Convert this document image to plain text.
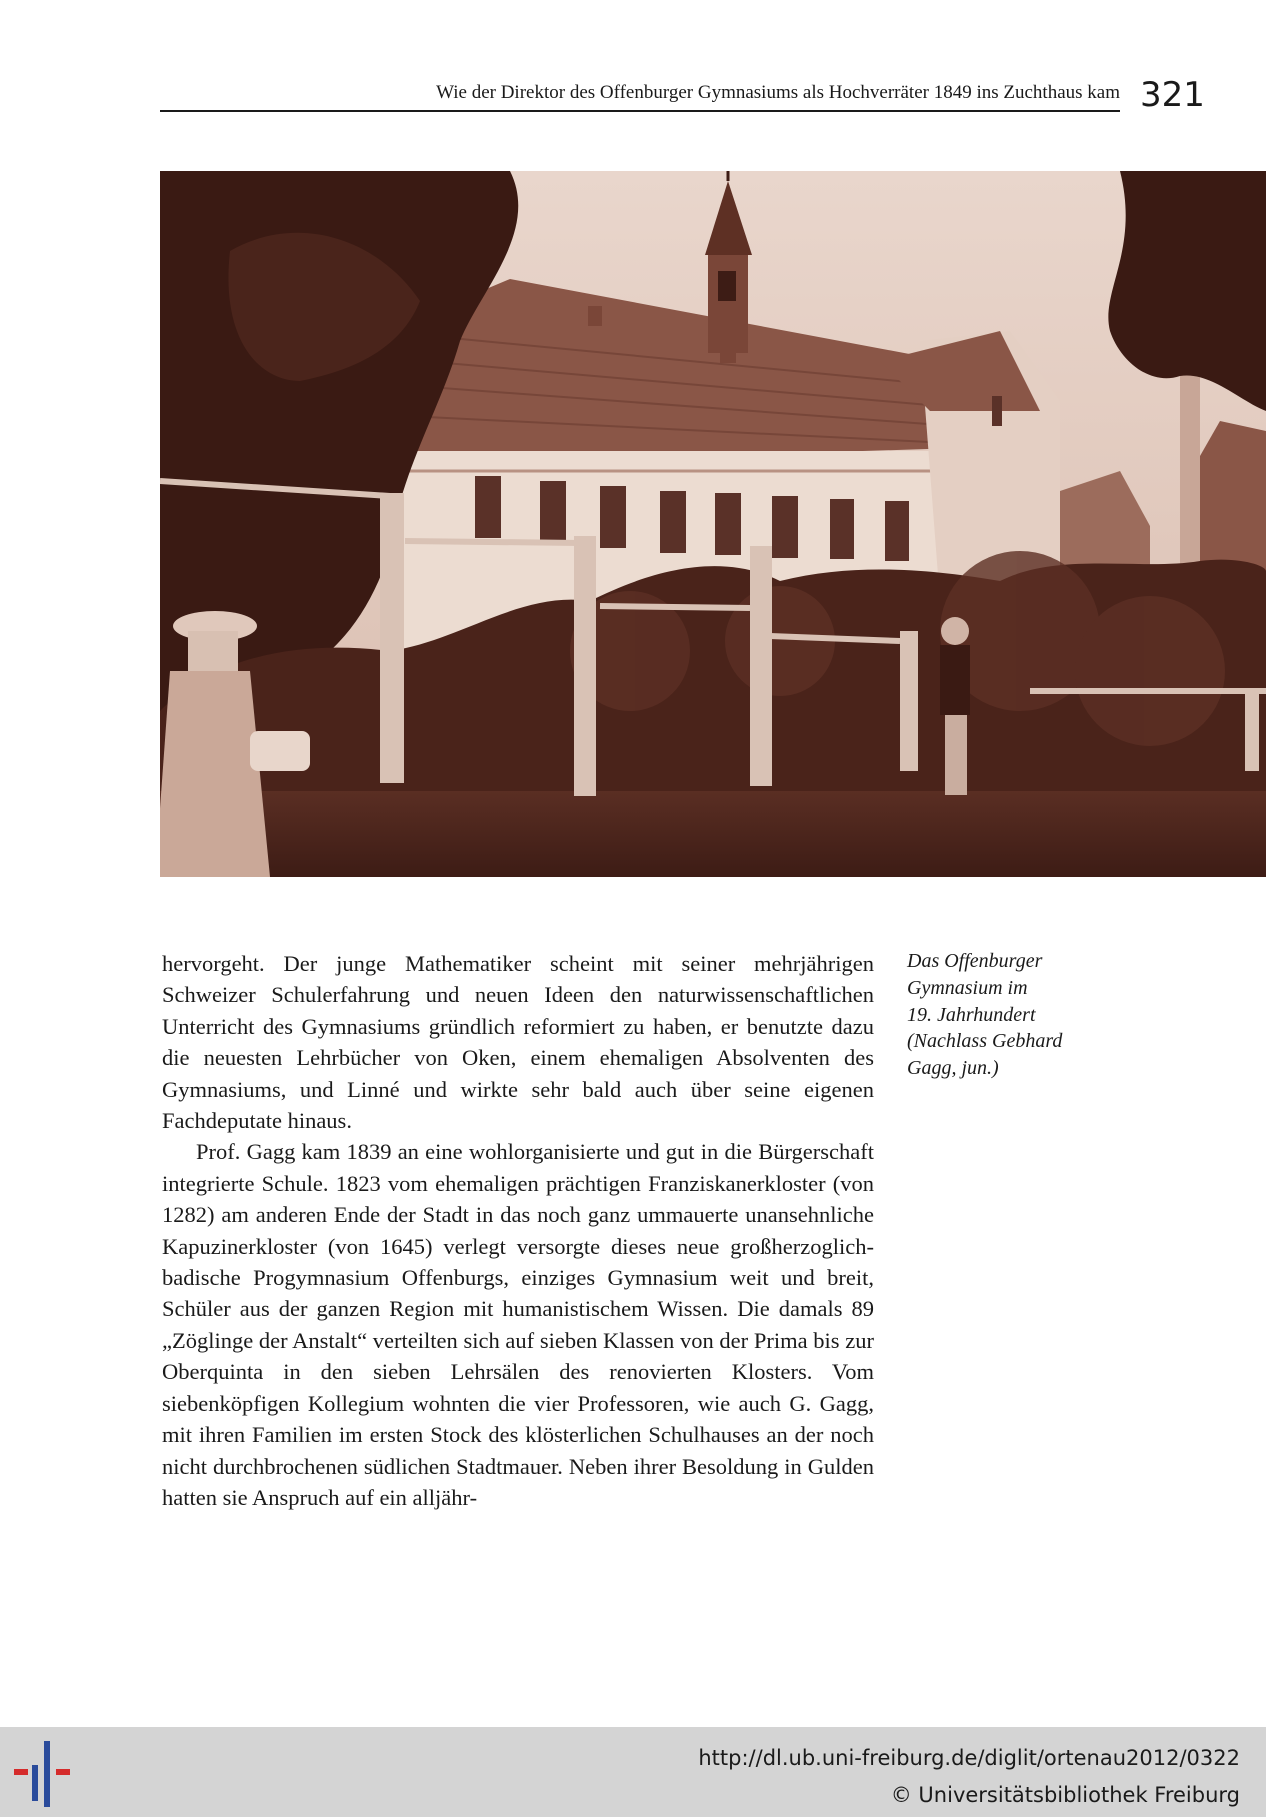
Wie der Direktor des Offenburger Gymnasiums als Hochverräter 1849 ins Zuchthaus kam 321

hervorgeht. Der junge Mathematiker scheint mit seiner mehrjährigen Schweizer Schulerfahrung und neuen Ideen den naturwissenschaftlichen Unterricht des Gymnasiums gründlich reformiert zu haben, er benutzte dazu die neuesten Lehrbücher von Oken, einem ehemaligen Absolventen des Gymnasiums, und Linné und wirkte sehr bald auch über seine eigenen Fachdeputate hinaus.

Prof. Gagg kam 1839 an eine wohlorganisierte und gut in die Bürgerschaft integrierte Schule. 1823 vom ehemaligen prächtigen Franziskanerkloster (von 1282) am anderen Ende der Stadt in das noch ganz ummauerte unansehnliche Kapuzinerkloster (von 1645) verlegt versorgte dieses neue großherzoglich- badische Progymnasium Offenburgs, einziges Gymnasium weit und breit, Schüler aus der ganzen Region mit humanistischem Wissen. Die damals 89 „Zöglinge der Anstalt“ verteilten sich auf sieben Klassen von der Prima bis zur Oberquinta in den sieben Lehrsälen des renovierten Klosters. Vom siebenköpfigen Kollegium wohnten die vier Professoren, wie auch G. Gagg, mit ihren Familien im ersten Stock des klösterlichen Schulhauses an der noch nicht durchbrochenen südlichen Stadtmauer. Neben ihrer Besoldung in Gulden hatten sie Anspruch auf ein alljähr-

Das Offenburger
Gymnasium im
19. Jahrhundert
(Nachlass Gebhard
Gagg, jun.)
http://dl.ub.uni-freiburg.de/diglit/ortenau2012/0322
© Universitätsbibliothek Freiburg
